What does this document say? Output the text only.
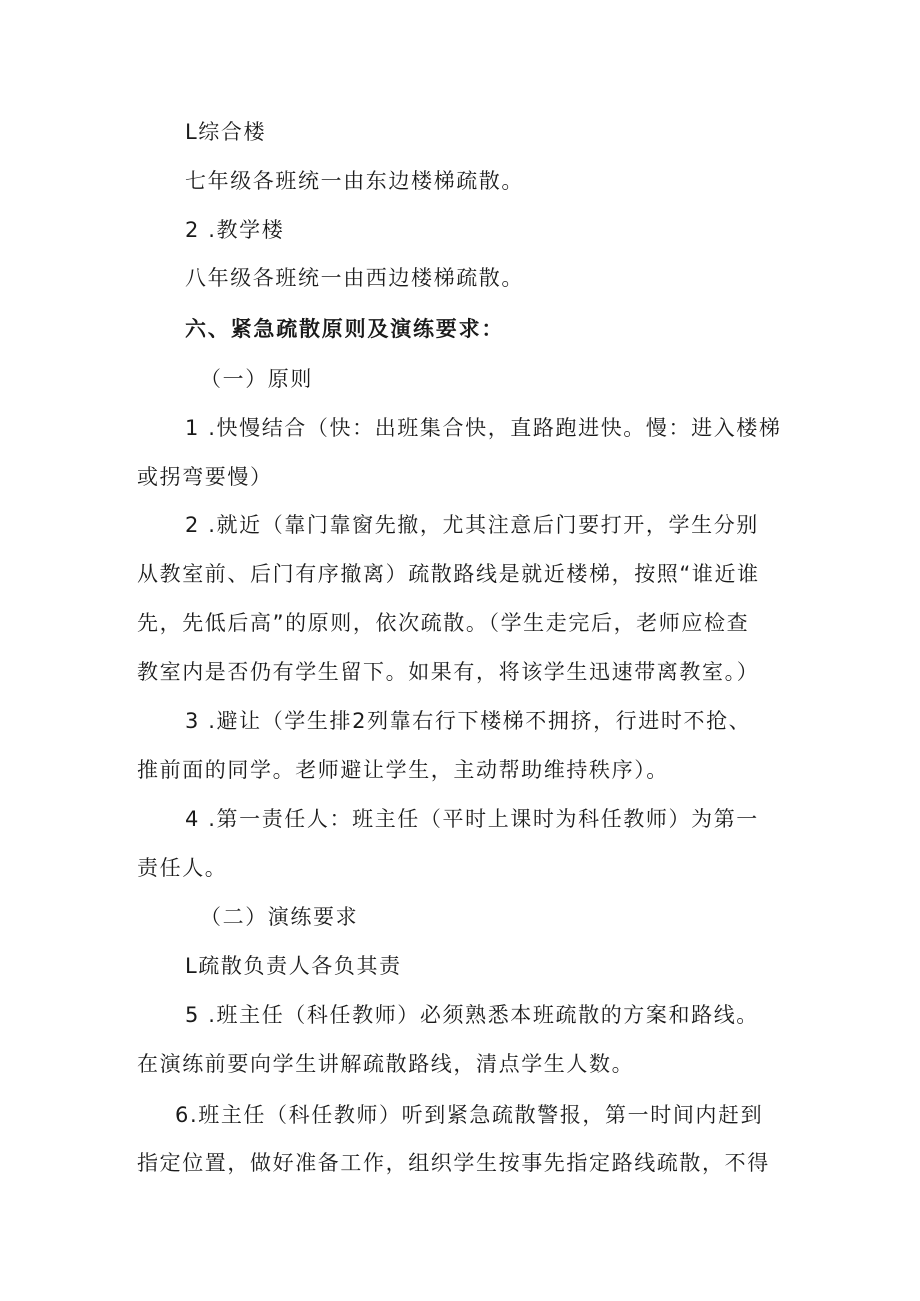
L综合楼
七年级各班统一由东边楼梯疏散。
2 .教学楼
八年级各班统一由西边楼梯疏散。
六、紧急疏散原则及演练要求：
（一）原则
1 .快慢结合（快：出班集合快，直路跑进快。慢：进入楼梯
或拐弯要慢）
2 .就近（靠门靠窗先撤，尤其注意后门要打开，学生分别
从教室前、后门有序撤离）疏散路线是就近楼梯，按照“谁近谁
先，先低后高”的原则，依次疏散。（学生走完后，老师应检查
教室内是否仍有学生留下。如果有，将该学生迅速带离教室。）
3 .避让（学生排2列靠右行下楼梯不拥挤，行进时不抢、
推前面的同学。老师避让学生，主动帮助维持秩序）。
4 .第一责任人：班主任（平时上课时为科任教师）为第一
责任人。
（二）演练要求
L疏散负责人各负其责
5 .班主任（科任教师）必须熟悉本班疏散的方案和路线。
在演练前要向学生讲解疏散路线，清点学生人数。
6.班主任（科任教师）听到紧急疏散警报，第一时间内赶到
指定位置，做好准备工作，组织学生按事先指定路线疏散，不得
